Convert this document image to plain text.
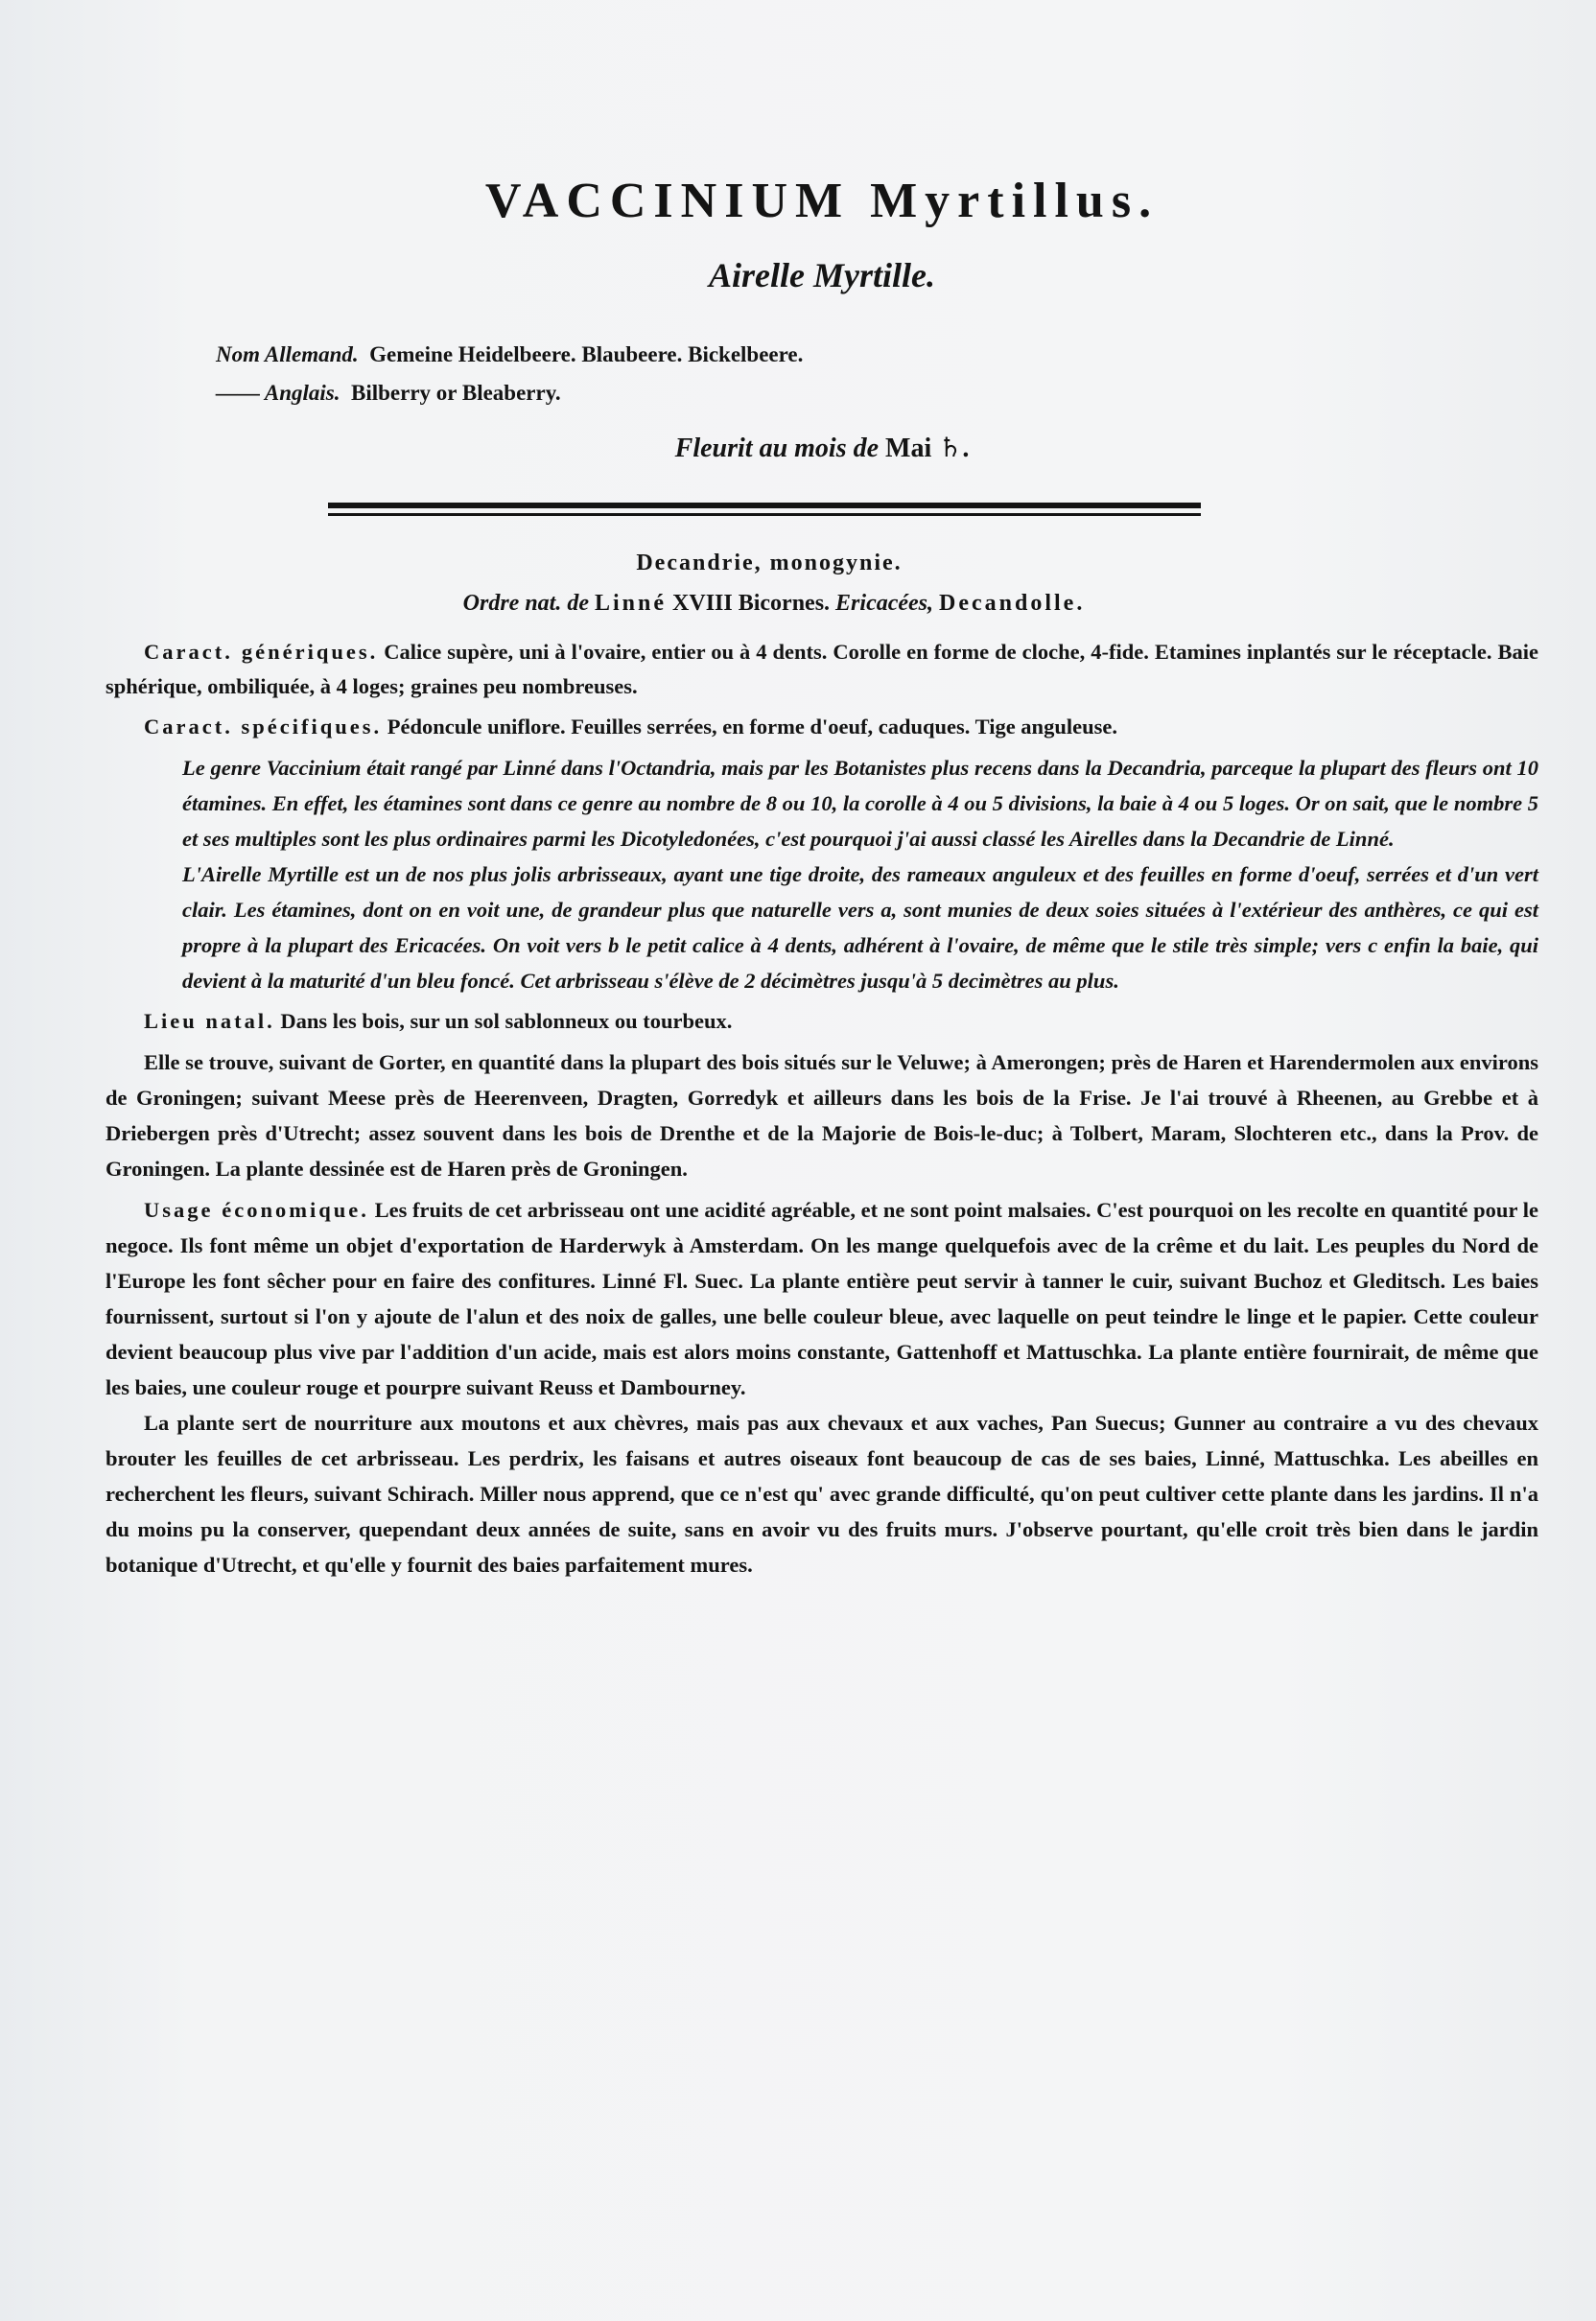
VACCINIUM Myrtillus.
Airelle Myrtille.
Nom Allemand. Gemeine Heidelbeere. Blaubeere. Bickelbeere.
—— Anglais. Bilberry or Bleaberry.
Fleurit au mois de Mai ♄.
Decandrie, monogynie.
Ordre nat. de Linné XVIII Bicornes. Ericacées, Decandolle.

Caract. génériques. Calice supère, uni à l'ovaire, entier ou à 4 dents. Corolle en forme de cloche, 4-fide. Etamines inplantés sur le réceptacle. Baie sphérique, ombiliquée, à 4 loges; graines peu nombreuses.

Caract. spécifiques. Pédoncule uniflore. Feuilles serrées, en forme d'oeuf, caduques. Tige anguleuse.

Le genre Vaccinium était rangé par Linné dans l'Octandria, mais par les Botanistes plus recens dans la Decandria, parceque la plupart des fleurs ont 10 étamines. En effet, les étamines sont dans ce genre au nombre de 8 ou 10, la corolle à 4 ou 5 divisions, la baie à 4 ou 5 loges. Or on sait, que le nombre 5 et ses multiples sont les plus ordinaires parmi les Dicotyledonées, c'est pourquoi j'ai aussi classé les Airelles dans la Decandrie de Linné.

L'Airelle Myrtille est un de nos plus jolis arbrisseaux, ayant une tige droite, des rameaux anguleux et des feuilles en forme d'oeuf, serrées et d'un vert clair. Les étamines, dont on en voit une, de grandeur plus que naturelle vers a, sont munies de deux soies situées à l'extérieur des anthères, ce qui est propre à la plupart des Ericacées. On voit vers b le petit calice à 4 dents, adhérent à l'ovaire, de même que le stile très simple; vers c enfin la baie, qui devient à la maturité d'un bleu foncé. Cet arbrisseau s'élève de 2 décimètres jusqu'à 5 decimètres au plus.

Lieu natal. Dans les bois, sur un sol sablonneux ou tourbeux.

Elle se trouve, suivant de Gorter, en quantité dans la plupart des bois situés sur le Veluwe; à Amerongen; près de Haren et Harendermolen aux environs de Groningen; suivant Meese près de Heerenveen, Dragten, Gorredyk et ailleurs dans les bois de la Frise. Je l'ai trouvé à Rheenen, au Grebbe et à Driebergen près d'Utrecht; assez souvent dans les bois de Drenthe et de la Majorie de Bois-le-duc; à Tolbert, Maram, Slochteren etc., dans la Prov. de Groningen. La plante dessinée est de Haren près de Groningen.

Usage économique. Les fruits de cet arbrisseau ont une acidité agréable, et ne sont point malsaies. C'est pourquoi on les recolte en quantité pour le negoce. Ils font même un objet d'exportation de Harderwyk à Amsterdam. On les mange quelquefois avec de la crême et du lait. Les peuples du Nord de l'Europe les font sêcher pour en faire des confitures. Linné Fl. Suec. La plante entière peut servir à tanner le cuir, suivant Buchoz et Gleditsch. Les baies fournissent, surtout si l'on y ajoute de l'alun et des noix de galles, une belle couleur bleue, avec laquelle on peut teindre le linge et le papier. Cette couleur devient beaucoup plus vive par l'addition d'un acide, mais est alors moins constante, Gattenhoff et Mattuschka. La plante entière fournirait, de même que les baies, une couleur rouge et pourpre suivant Reuss et Dambourney.

La plante sert de nourriture aux moutons et aux chèvres, mais pas aux chevaux et aux vaches, Pan Suecus; Gunner au contraire a vu des chevaux brouter les feuilles de cet arbrisseau. Les perdrix, les faisans et autres oiseaux font beaucoup de cas de ses baies, Linné, Mattuschka. Les abeilles en recherchent les fleurs, suivant Schirach. Miller nous apprend, que ce n'est qu' avec grande difficulté, qu'on peut cultiver cette plante dans les jardins. Il n'a du moins pu la conserver, quependant deux années de suite, sans en avoir vu des fruits murs. J'observe pourtant, qu'elle croit très bien dans le jardin botanique d'Utrecht, et qu'elle y fournit des baies parfaitement mures.
